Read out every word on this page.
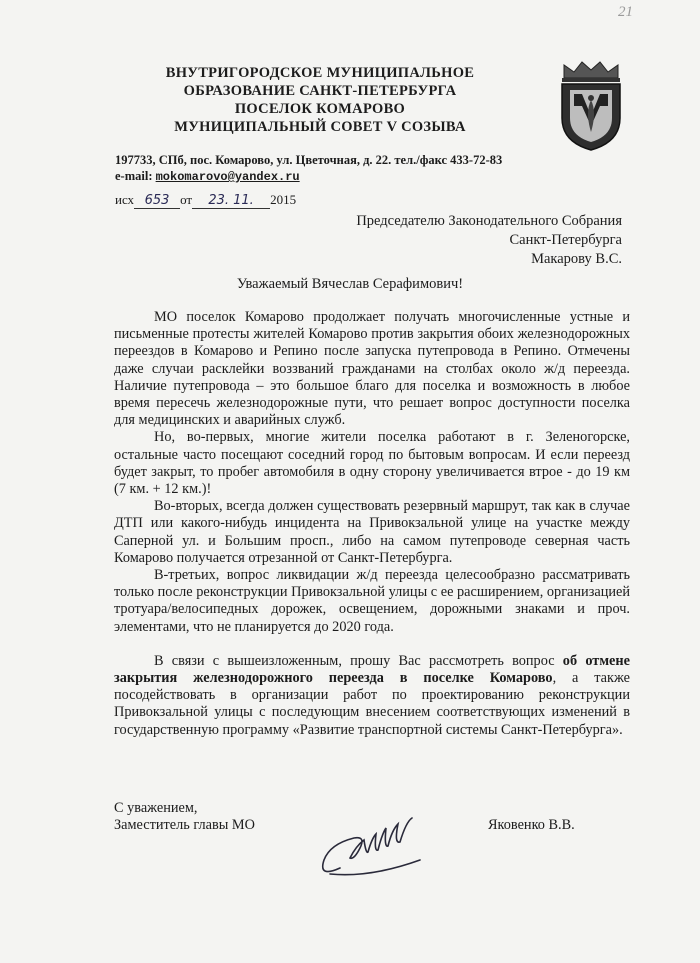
21
ВНУТРИГОРОДСКОЕ МУНИЦИПАЛЬНОЕ
ОБРАЗОВАНИЕ САНКТ-ПЕТЕРБУРГА
ПОСЕЛОК КОМАРОВО
МУНИЦИПАЛЬНЫЙ СОВЕТ V СОЗЫВА
197733, СПб, пос. Комарово, ул. Цветочная, д. 22. тел./факс 433-72-83
e-mail: mokomarovo@yandex.ru
исх 653 от 23. 11. 2015
Председателю Законодательного Собрания
Санкт-Петербурга
Макарову В.С.
Уважаемый Вячеслав Серафимович!

МО поселок Комарово продолжает получать многочисленные устные и письменные протесты жителей Комарово против закрытия обоих железнодорожных переездов в Комарово и Репино после запуска путепровода в Репино. Отмечены даже случаи расклейки воззваний гражданами на столбах около ж/д переезда. Наличие путепровода – это большое благо для поселка и возможность в любое время пересечь железнодорожные пути, что решает вопрос доступности поселка для медицинских и аварийных служб.

Но, во-первых, многие жители поселка работают в г. Зеленогорске, остальные часто посещают соседний город по бытовым вопросам. И если переезд будет закрыт, то пробег автомобиля в одну сторону увеличивается втрое - до 19 км (7 км. + 12 км.)!

Во-вторых, всегда должен существовать резервный маршрут, так как в случае ДТП или какого-нибудь инцидента на Привокзальной улице на участке между Саперной ул. и Большим просп., либо на самом путепроводе северная часть Комарово получается отрезанной от Санкт-Петербурга.

В-третьих, вопрос ликвидации ж/д переезда целесообразно рассматривать только после реконструкции Привокзальной улицы с ее расширением, организацией тротуара/велосипедных дорожек, освещением, дорожными знаками и проч. элементами, что не планируется до 2020 года.

В связи с вышеизложенным, прошу Вас рассмотреть вопрос об отмене закрытия железнодорожного переезда в поселке Комарово, а также посодействовать в организации работ по проектированию реконструкции Привокзальной улицы с последующим внесением соответствующих изменений в государственную программу «Развитие транспортной системы Санкт-Петербурга».

С уважением,
Заместитель главы МО	Яковенко В.В.
